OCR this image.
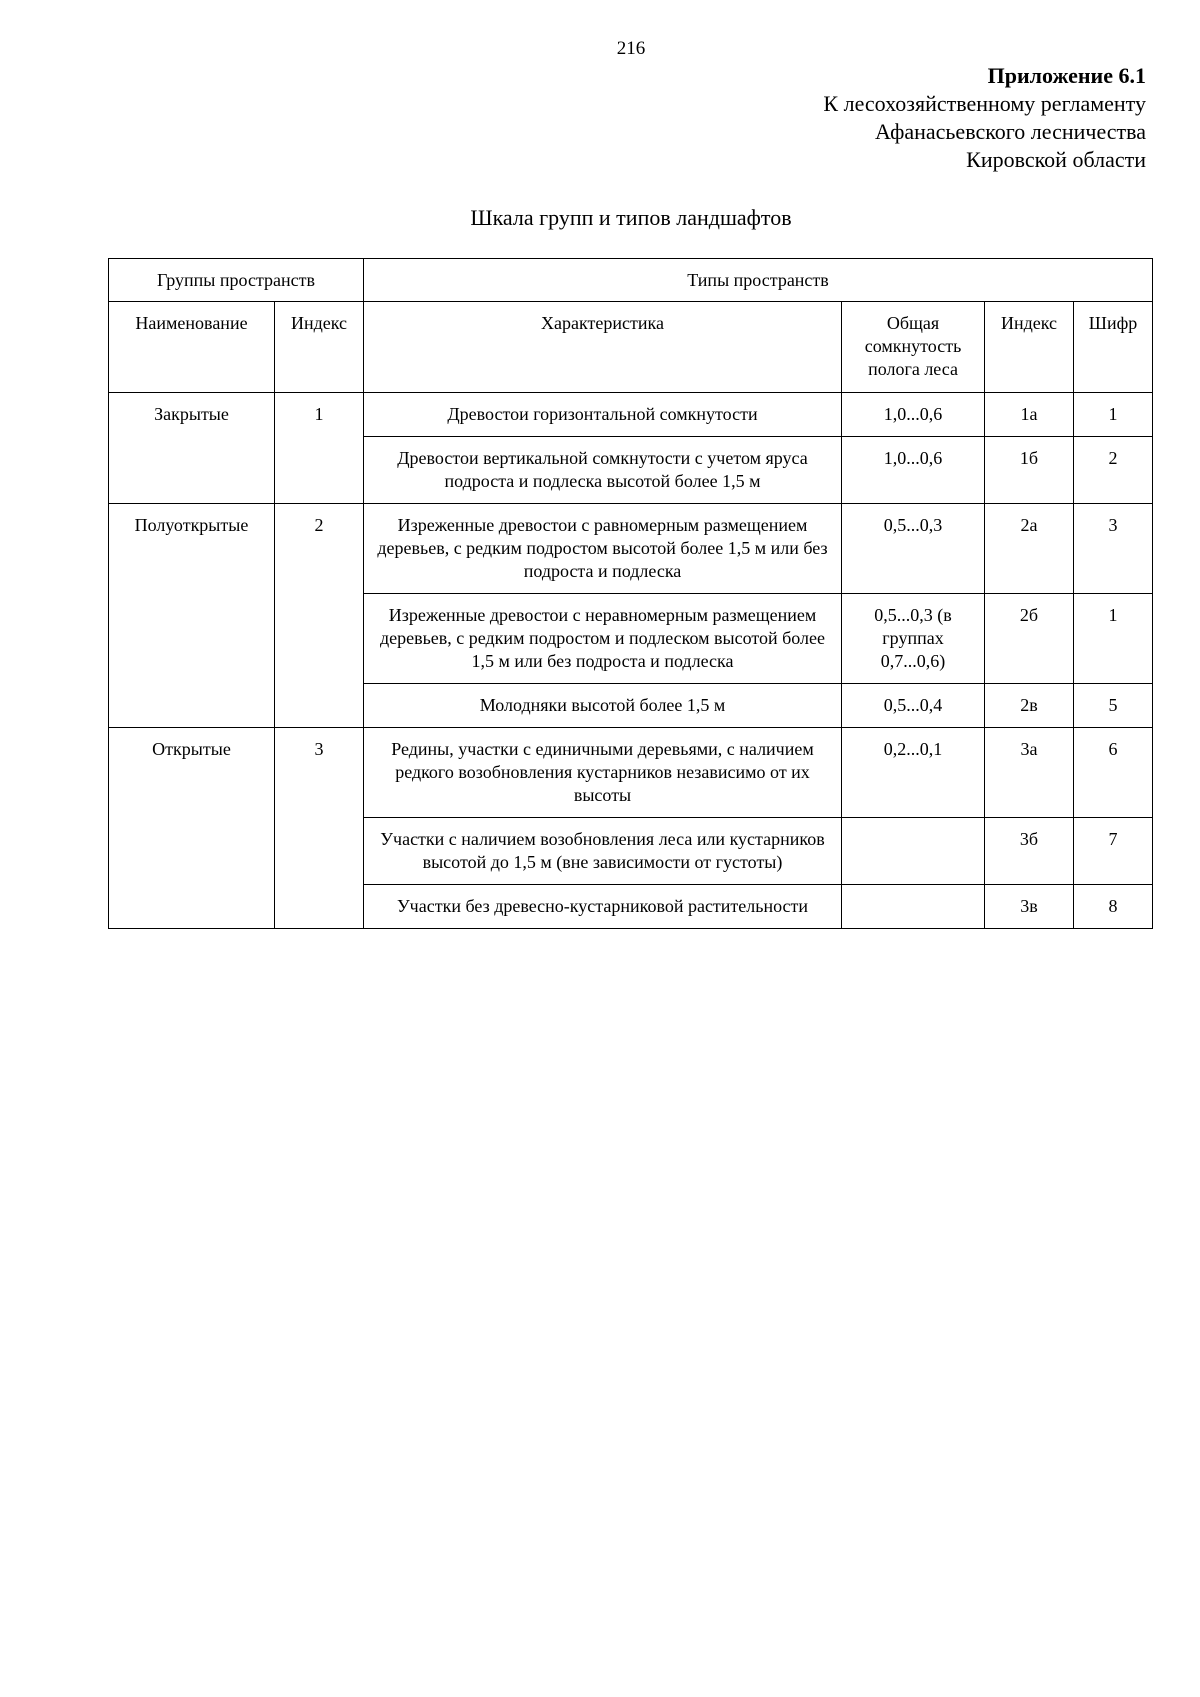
216
Приложение 6.1
К лесохозяйственному регламенту
Афанасьевского лесничества
Кировской области
Шкала групп и типов ландшафтов
Группы пространств		Типы пространств			
Наименование	Индекс	Характеристика	Общая сомкнутость полога леса	Индекс	Шифр
Закрытые	1	Древостои горизонтальной сомкнутости	1,0...0,6	1а	1
		Древостои вертикальной сомкнутости с учетом яруса подроста и подлеска высотой более 1,5 м	1,0...0,6	1б	2
Полуоткрытые	2	Изреженные древостои с равномерным размещением деревьев, с редким подростом высотой более 1,5 м или без подроста и подлеска	0,5...0,3	2а	3
		Изреженные древостои с неравномерным размещением деревьев, с редким подростом и подлеском высотой более 1,5 м или без подроста и подлеска	0,5...0,3 (в группах 0,7...0,6)	2б	1
		Молодняки высотой более 1,5 м	0,5...0,4	2в	5
Открытые	3	Редины, участки с единичными деревьями, с наличием редкого возобновления кустарников независимо от их высоты	0,2...0,1	3а	6
		Участки с наличием возобновления леса или кустарников высотой до 1,5 м (вне зависимости от густоты)		3б	7
		Участки без древесно-кустарниковой растительности		3в	8
